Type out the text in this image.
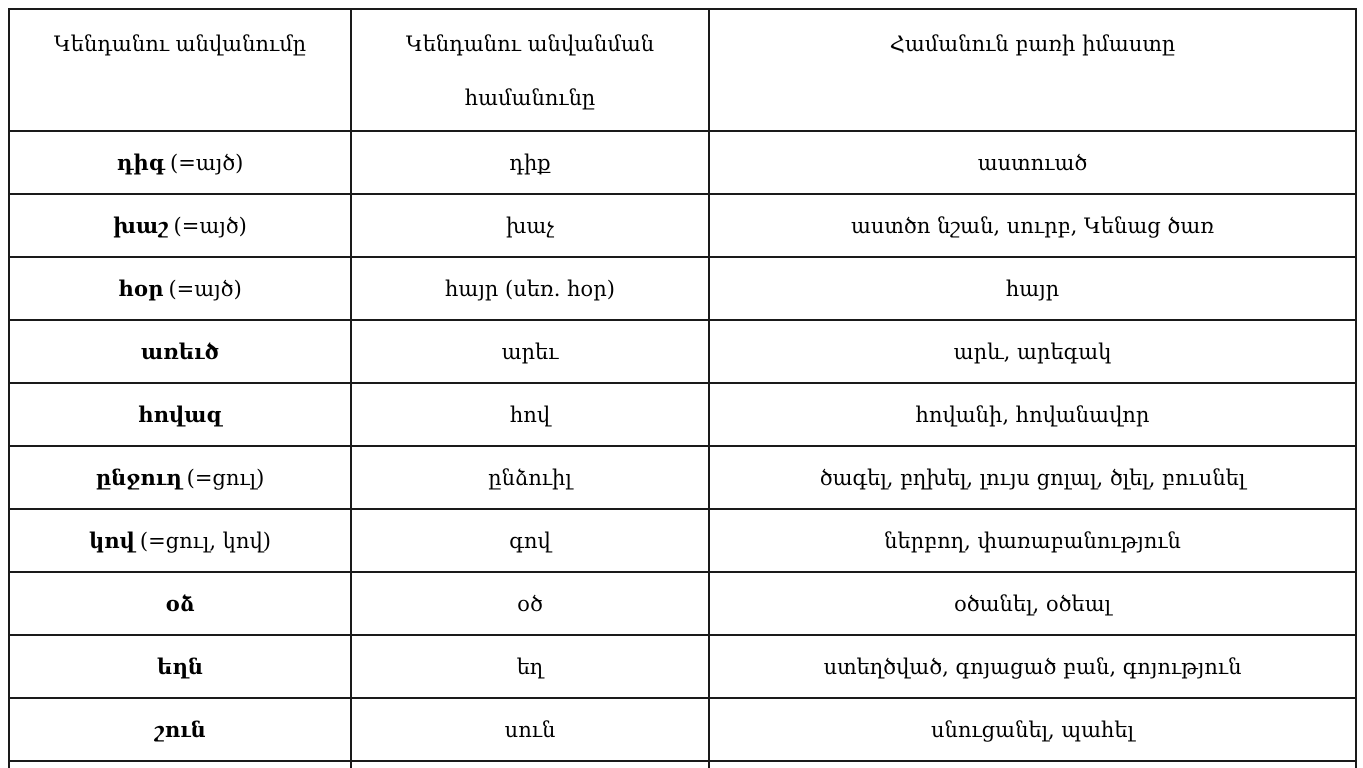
Կենդանու անվանումը	Կենդանու անվանման համանունը	Համանուն բառի իմաստը
դիգ (=այծ)	դիք	աստուած
խաշ (=այծ)	խաչ	աստծո նշան, սուրբ, Կենաց ծառ
հօր (=այծ)	հայր (սեռ. հօր)	հայր
առեւծ	արեւ	արև, արեգակ
հովազ	հով	հովանի, հովանավոր
ընջուղ (=ցուլ)	ընձուիլ	ծագել, բղխել, լույս ցոլալ, ծլել, բուսնել
կով (=ցուլ, կով)	գով	ներբող, փառաբանություն
օձ	օծ	օծանել, օծեալ
եղն	եղ	ստեղծված, գոյացած բան, գոյություն
շուն	սուն	սնուցանել, պահել
